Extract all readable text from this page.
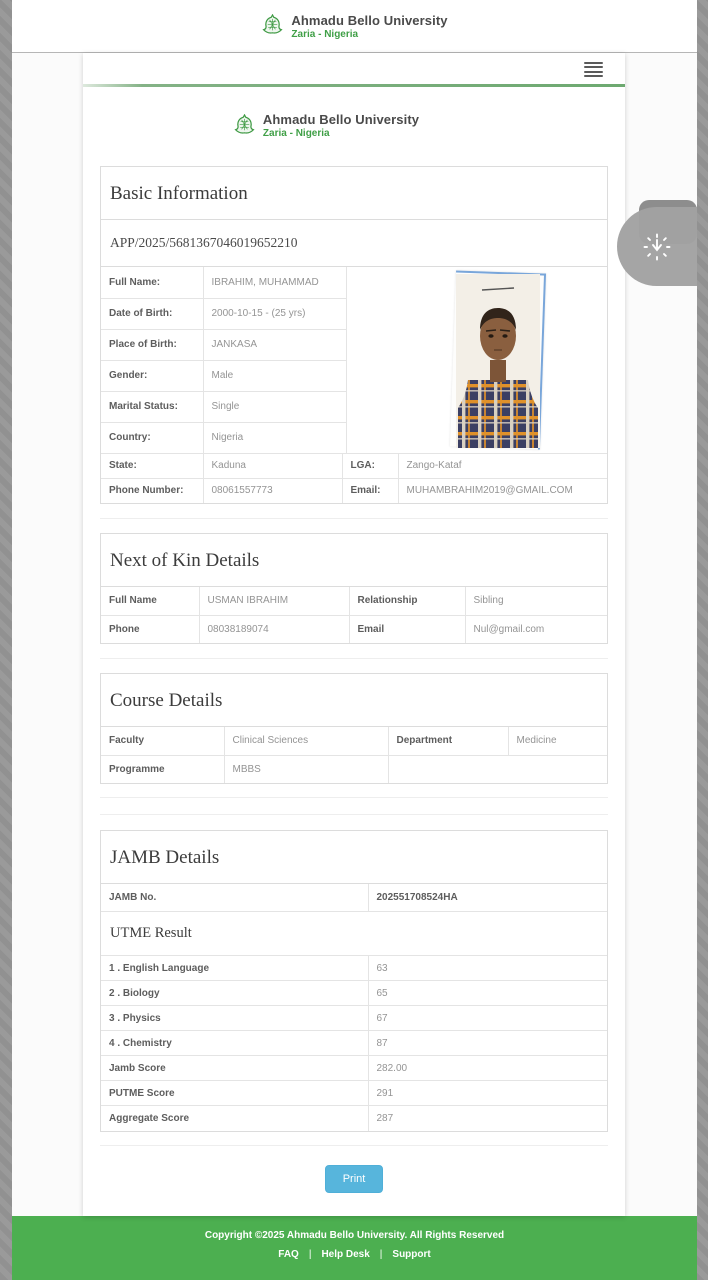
Ahmadu Bello University
Zaria - Nigeria
Ahmadu Bello University
Zaria - Nigeria
Basic Information
APP/2025/5681367046019652210
Full Name:	IBRAHIM, MUHAMMAD	

Date of Birth:	2000-10-15 - (25 yrs)	
Place of Birth:	JANKASA	
Gender:	Male	
Marital Status:	Single	
Country:	Nigeria	
State:	Kaduna	LGA:	Zango-Kataf
Phone Number:	08061557773	Email:	MUHAMBRAHIM2019@GMAIL.COM
Next of Kin Details
Full Name	USMAN IBRAHIM	Relationship	Sibling
Phone	08038189074	Email	Nul@gmail.com
Course Details
Faculty	Clinical Sciences	Department	Medicine
Programme	MBBS		
JAMB Details
JAMB No.	202551708524HA
UTME Result
1 . English Language	63
2 . Biology	65
3 . Physics	67
4 . Chemistry	87
Jamb Score	282.00
PUTME Score	291
Aggregate Score	287
Print
Copyright ©2025 Ahmadu Bello University. All Rights Reserved
FAQ | Help Desk | Support
